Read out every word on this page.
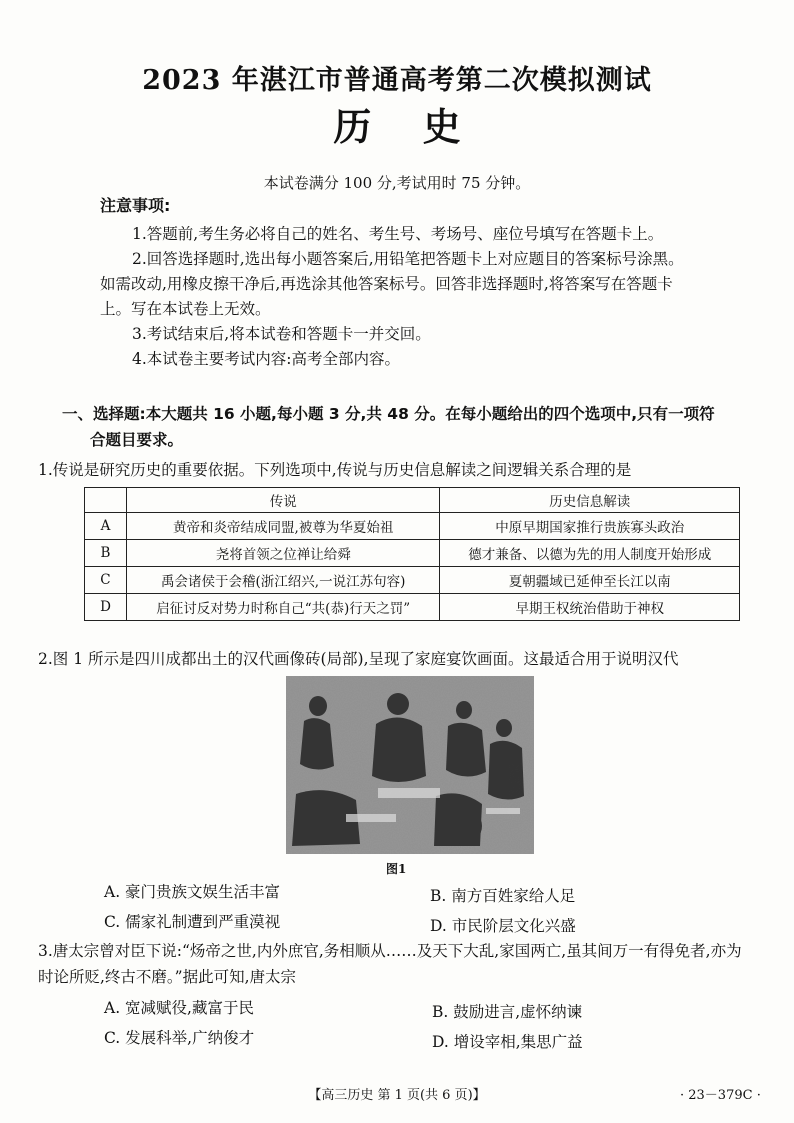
2023 年湛江市普通高考第二次模拟测试
历 史
本试卷满分 100 分,考试用时 75 分钟。
注意事项:
1.答题前,考生务必将自己的姓名、考生号、考场号、座位号填写在答题卡上。
2.回答选择题时,选出每小题答案后,用铅笔把答题卡上对应题目的答案标号涂黑。如需改动,用橡皮擦干净后,再选涂其他答案标号。回答非选择题时,将答案写在答题卡上。写在本试卷上无效。
3.考试结束后,将本试卷和答题卡一并交回。
4.本试卷主要考试内容:高考全部内容。
一、选择题:本大题共 16 小题,每小题 3 分,共 48 分。在每小题给出的四个选项中,只有一项符
合题目要求。
1.传说是研究历史的重要依据。下列选项中,传说与历史信息解读之间逻辑关系合理的是
	传说	历史信息解读
A	黄帝和炎帝结成同盟,被尊为华夏始祖	中原早期国家推行贵族寡头政治
B	尧将首领之位禅让给舜	德才兼备、以德为先的用人制度开始形成
C	禹会诸侯于会稽(浙江绍兴,一说江苏句容)	夏朝疆域已延伸至长江以南
D	启征讨反对势力时称自己“共(恭)行天之罚”	早期王权统治借助于神权
2.图 1 所示是四川成都出土的汉代画像砖(局部),呈现了家庭宴饮画面。这最适合用于说明汉代
图1
A. 豪门贵族文娱生活丰富	B. 南方百姓家给人足
C. 儒家礼制遭到严重漠视	D. 市民阶层文化兴盛
3.唐太宗曾对臣下说:“炀帝之世,内外庶官,务相顺从……及天下大乱,家国两亡,虽其间万一有得免者,亦为时论所贬,终古不磨。”据此可知,唐太宗
A. 宽减赋役,藏富于民	B. 鼓励进言,虚怀纳谏
C. 发展科举,广纳俊才	D. 增设宰相,集思广益
【高三历史 第 1 页(共 6 页)】	· 23－379C ·
